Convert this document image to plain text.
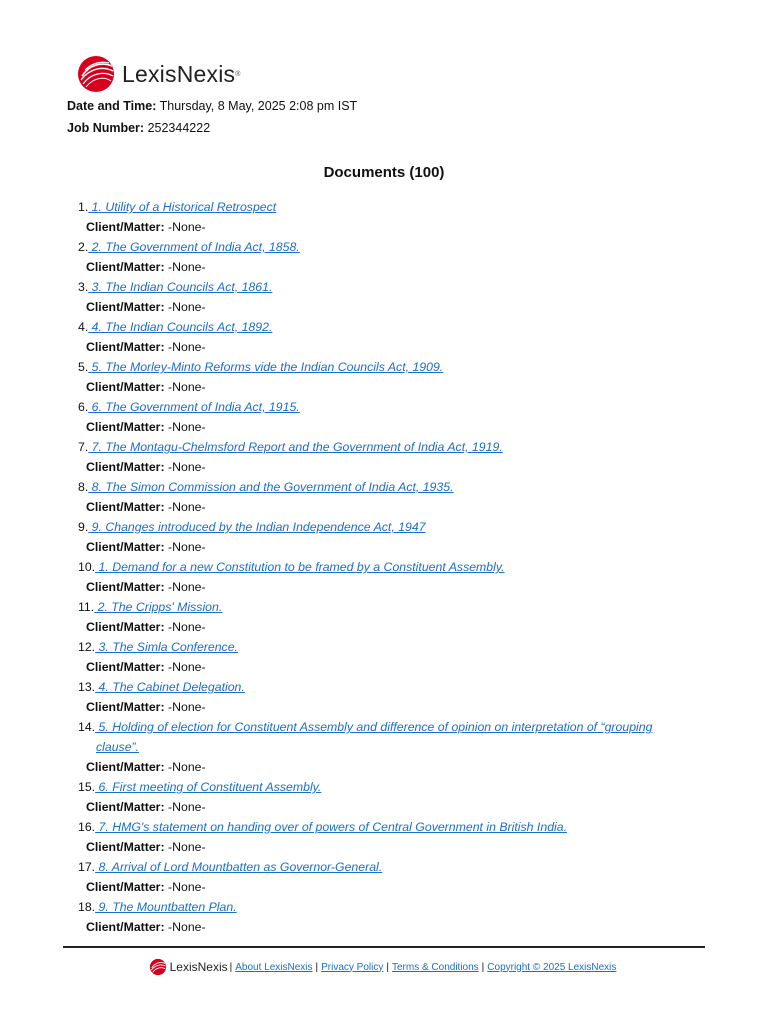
LexisNexis ®
Date and Time: Thursday, 8 May, 2025 2:08 pm IST
Job Number: 252344222
Documents (100)
1. 1. Utility of a Historical Retrospect
Client/Matter: -None-
2. 2. The Government of India Act, 1858.
Client/Matter: -None-
3. 3. The Indian Councils Act, 1861.
Client/Matter: -None-
4. 4. The Indian Councils Act, 1892.
Client/Matter: -None-
5. 5. The Morley-Minto Reforms vide the Indian Councils Act, 1909.
Client/Matter: -None-
6. 6. The Government of India Act, 1915.
Client/Matter: -None-
7. 7. The Montagu-Chelmsford Report and the Government of India Act, 1919.
Client/Matter: -None-
8. 8. The Simon Commission and the Government of India Act, 1935.
Client/Matter: -None-
9. 9. Changes introduced by the Indian Independence Act, 1947
Client/Matter: -None-
10. 1. Demand for a new Constitution to be framed by a Constituent Assembly.
Client/Matter: -None-
11. 2. The Cripps' Mission.
Client/Matter: -None-
12. 3. The Simla Conference.
Client/Matter: -None-
13. 4. The Cabinet Delegation.
Client/Matter: -None-
14. 5. Holding of election for Constituent Assembly and difference of opinion on interpretation of “grouping
clause”.
Client/Matter: -None-
15. 6. First meeting of Constituent Assembly.
Client/Matter: -None-
16. 7. HMG's statement on handing over of powers of Central Government in British India.
Client/Matter: -None-
17. 8. Arrival of Lord Mountbatten as Governor-General.
Client/Matter: -None-
18. 9. The Mountbatten Plan.
Client/Matter: -None-
LexisNexis | About LexisNexis | Privacy Policy | Terms & Conditions | Copyright © 2025 LexisNexis
